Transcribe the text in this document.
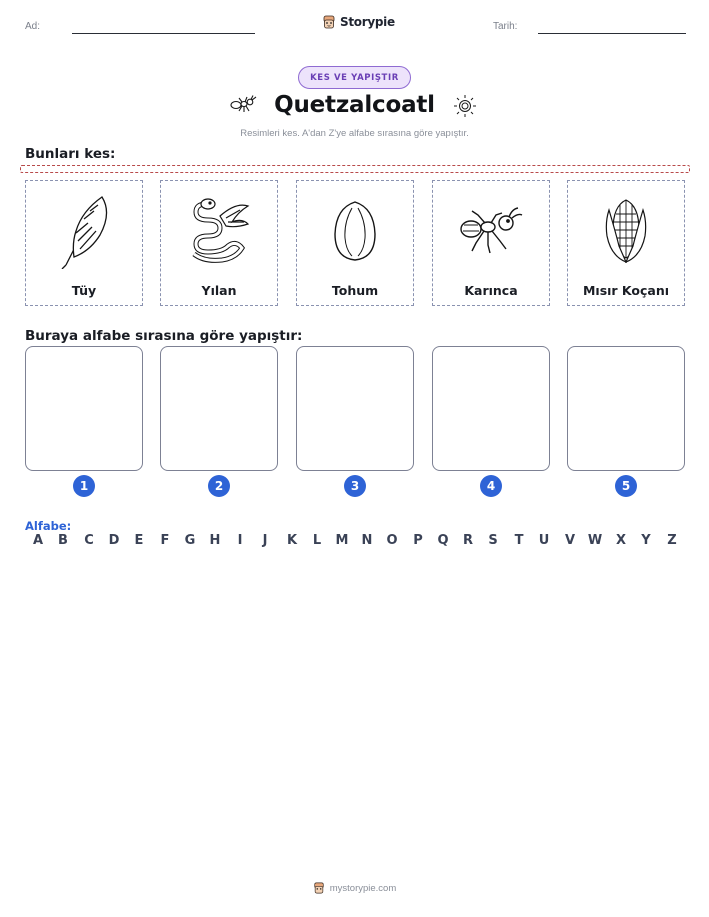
Ad:	Tarih:
Storypie
KES VE YAPIŞTIR
Quetzalcoatl
Resimleri kes. A'dan Z'ye alfabe sırasına göre yapıştır.
Bunları kes:
Tüy	Yılan	Tohum	Karınca	Mısır Koçanı
Buraya alfabe sırasına göre yapıştır:
1	2	3	4	5
Alfabe:
A	B	C	D	E	F	G	H	I	J	K	L	M	N	O	P	Q	R	S	T	U	V W	X	Y	Z
mystorypie.com
